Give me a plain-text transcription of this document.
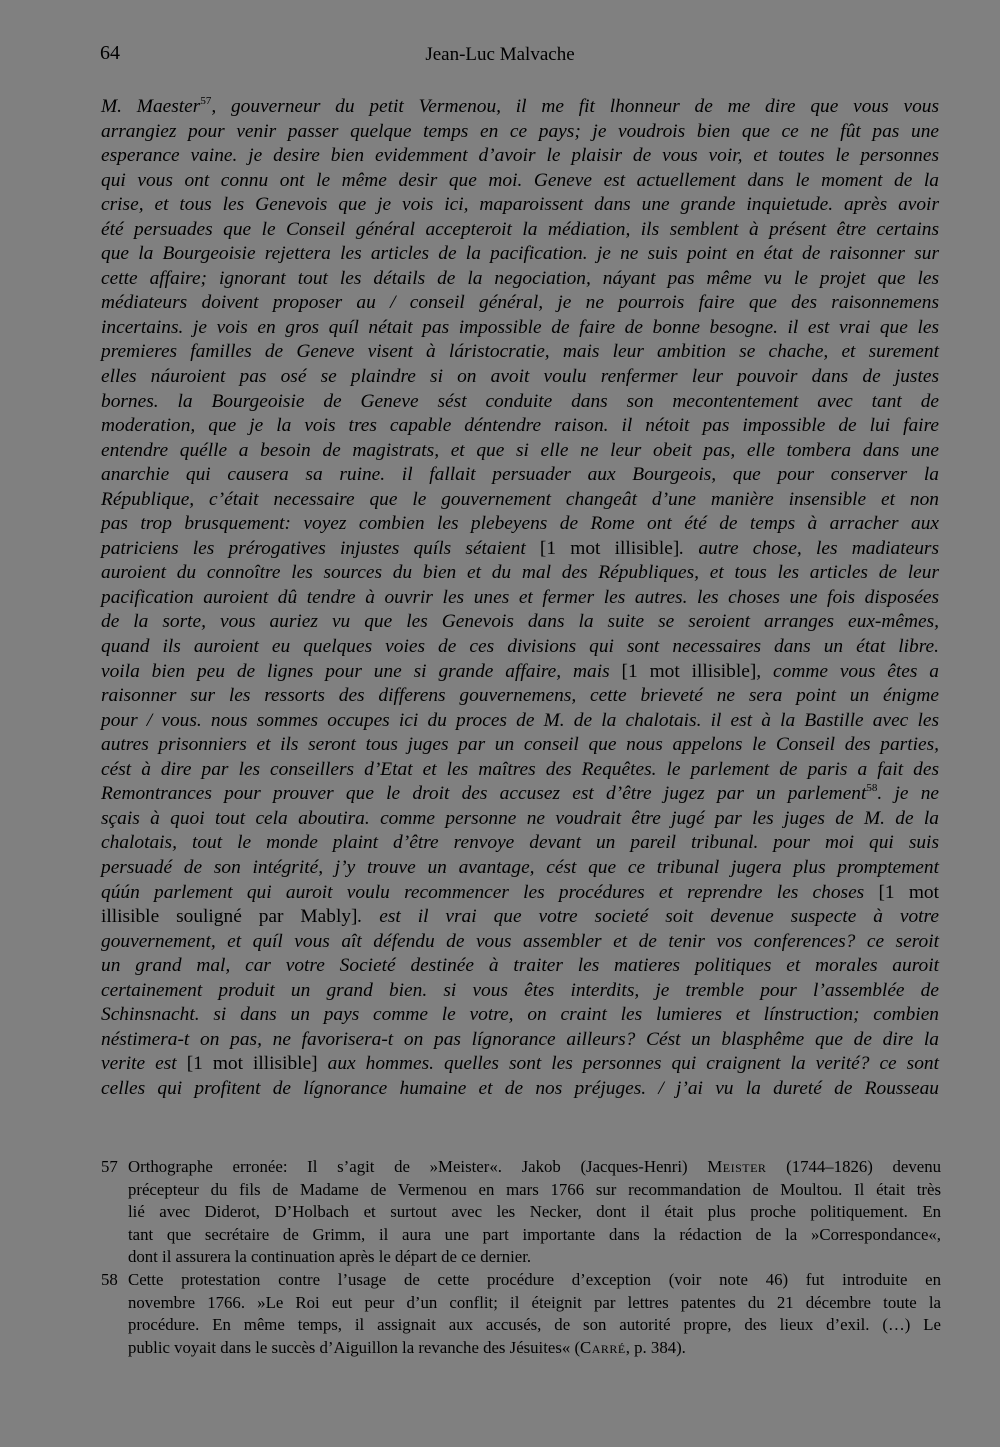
64	Jean-Luc Malvache
M. Maester$^{57}$, gouverneur du petit Vermenou, il me fit lhonneur de me dire que vous vous
arrangiez pour venir passer quelque temps en ce pays; je voudrois bien que ce ne fût pas une
esperance vaine. je desire bien evidemment d’avoir le plaisir de vous voir, et toutes le personnes
qui vous ont connu ont le même desir que moi. Geneve est actuellement dans le moment de la
crise, et tous les Genevois que je vois ici, maparoissent dans une grande inquietude. après avoir
été persuades que le Conseil général accepteroit la médiation, ils semblent à présent être certains
que la Bourgeoisie rejettera les articles de la pacification. je ne suis point en état de raisonner sur
cette affaire; ignorant tout les détails de la negociation, náyant pas même vu le projet que les
médiateurs doivent proposer au / conseil général, je ne pourrois faire que des raisonnemens
incertains. je vois en gros quíl nétait pas impossible de faire de bonne besogne. il est vrai que les
premieres familles de Geneve visent à láristocratie, mais leur ambition se chache, et surement
elles náuroient pas osé se plaindre si on avoit voulu renfermer leur pouvoir dans de justes
bornes. la Bourgeoisie de Geneve sést conduite dans son mecontentement avec tant de
moderation, que je la vois tres capable déntendre raison. il nétoit pas impossible de lui faire
entendre quélle a besoin de magistrats, et que si elle ne leur obeit pas, elle tombera dans une
anarchie qui causera sa ruine. il fallait persuader aux Bourgeois, que pour conserver la
République, c’était necessaire que le gouvernement changeât d’une manière insensible et non
pas trop brusquement: voyez combien les plebeyens de Rome ont été de temps à arracher aux
patriciens les prérogatives injustes quíls sétaient [1 mot illisible]. autre chose, les madiateurs
auroient du connoître les sources du bien et du mal des Républiques, et tous les articles de leur
pacification auroient dû tendre à ouvrir les unes et fermer les autres. les choses une fois disposées
de la sorte, vous auriez vu que les Genevois dans la suite se seroient arranges eux-mêmes,
quand ils auroient eu quelques voies de ces divisions qui sont necessaires dans un état libre.
voila bien peu de lignes pour une si grande affaire, mais [1 mot illisible], comme vous êtes a
raisonner sur les ressorts des differens gouvernemens, cette brieveté ne sera point un énigme
pour / vous. nous sommes occupes ici du proces de M. de la chalotais. il est à la Bastille avec les
autres prisonniers et ils seront tous juges par un conseil que nous appelons le Conseil des parties,
cést à dire par les conseillers d’Etat et les maîtres des Requêtes. le parlement de paris a fait des
Remontrances pour prouver que le droit des accusez est d’être jugez par un parlement$^{58}$. je ne
sçais à quoi tout cela aboutira. comme personne ne voudrait être jugé par les juges de M. de la
chalotais, tout le monde plaint d’être renvoye devant un pareil tribunal. pour moi qui suis
persuadé de son intégrité, j’y trouve un avantage, cést que ce tribunal jugera plus promptement
qúún parlement qui auroit voulu recommencer les procédures et reprendre les choses [1 mot
illisible souligné par Mably]. est il vrai que votre societé soit devenue suspecte à votre
gouvernement, et quíl vous aît défendu de vous assembler et de tenir vos conferences? ce seroit
un grand mal, car votre Societé destinée à traiter les matieres politiques et morales auroit
certainement produit un grand bien. si vous êtes interdits, je tremble pour l’assemblée de
Schinsnacht. si dans un pays comme le votre, on craint les lumieres et línstruction; combien
néstimera-t on pas, ne favorisera-t on pas lígnorance ailleurs? Cést un blasphême que de dire la
verite est [1 mot illisible] aux hommes. quelles sont les personnes qui craignent la verité? ce sont
celles qui profitent de lígnorance humaine et de nos préjuges. / j’ai vu la dureté de Rousseau
57 Orthographe erronée: Il s’agit de »Meister«. Jakob (Jacques-Henri) Meister (1744–1826) devenu
précepteur du fils de Madame de Vermenou en mars 1766 sur recommandation de Moultou. Il était très
lié avec Diderot, D’Holbach et surtout avec les Necker, dont il était plus proche politiquement. En
tant que secrétaire de Grimm, il aura une part importante dans la rédaction de la »Correspondance«,
dont il assurera la continuation après le départ de ce dernier.
58 Cette protestation contre l’usage de cette procédure d’exception (voir note 46) fut introduite en
novembre 1766. »Le Roi eut peur d’un conflit; il éteignit par lettres patentes du 21 décembre toute la
procédure. En même temps, il assignait aux accusés, de son autorité propre, des lieux d’exil. (…) Le
public voyait dans le succès d’Aiguillon la revanche des Jésuites« (Carré, p. 384).
